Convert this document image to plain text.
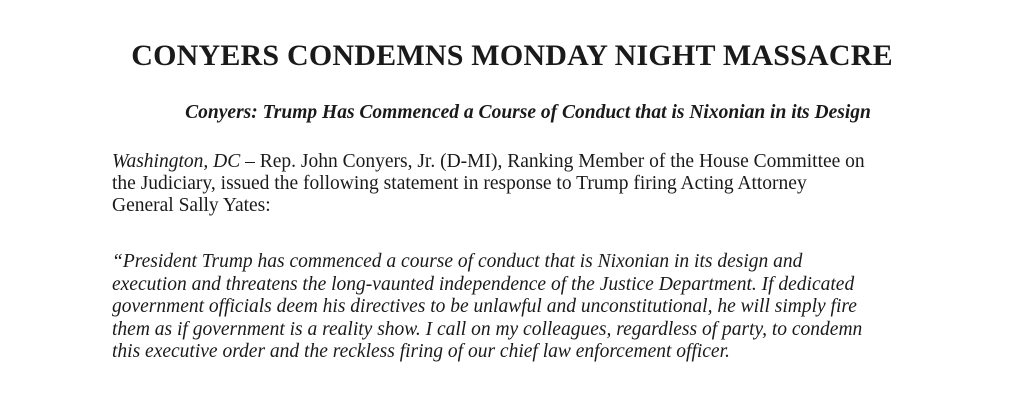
CONYERS CONDEMNS MONDAY NIGHT MASSACRE
Conyers: Trump Has Commenced a Course of Conduct that is Nixonian in its Design

Washington, DC – Rep. John Conyers, Jr. (D-MI), Ranking Member of the House Committee on
the Judiciary, issued the following statement in response to Trump firing Acting Attorney
General Sally Yates:

“President Trump has commenced a course of conduct that is Nixonian in its design and
execution and threatens the long-vaunted independence of the Justice Department. If dedicated
government officials deem his directives to be unlawful and unconstitutional, he will simply fire
them as if government is a reality show. I call on my colleagues, regardless of party, to condemn
this executive order and the reckless firing of our chief law enforcement officer.
